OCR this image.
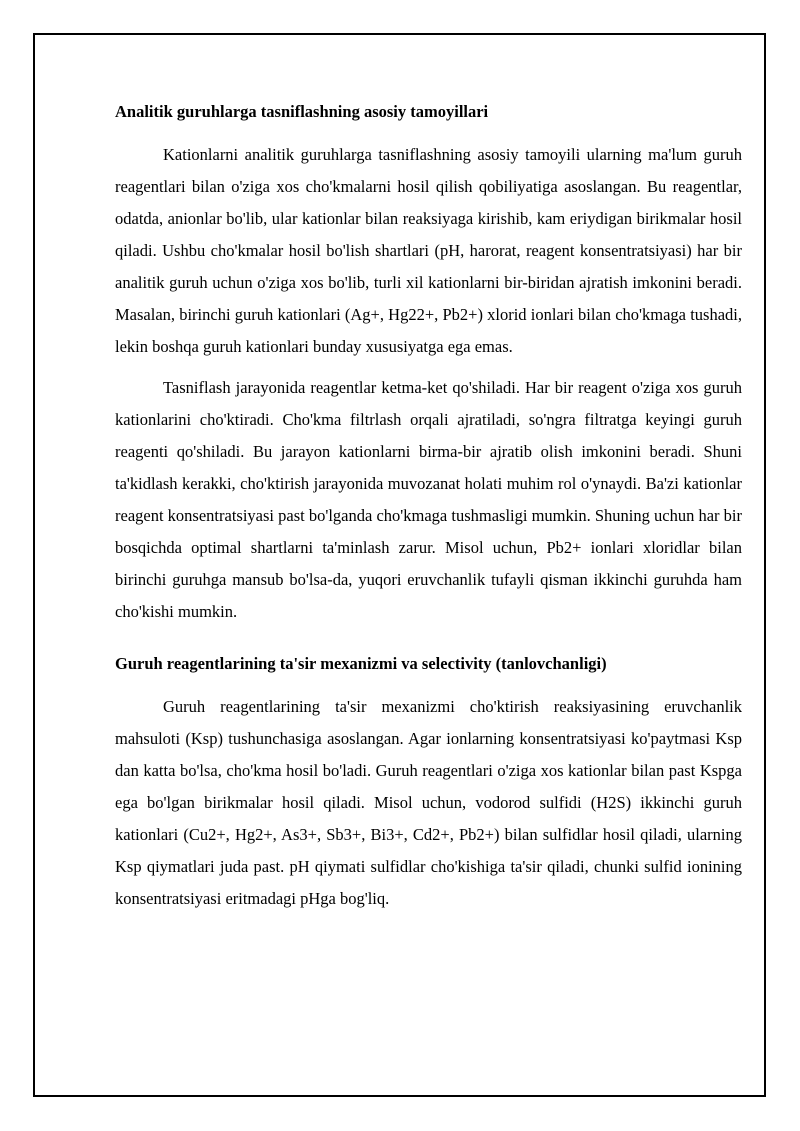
Analitik guruhlarga tasniflashning asosiy tamoyillari

Kationlarni analitik guruhlarga tasniflashning asosiy tamoyili ularning ma'lum guruh reagentlari bilan o'ziga xos cho'kmalarni hosil qilish qobiliyatiga asoslangan. Bu reagentlar, odatda, anionlar bo'lib, ular kationlar bilan reaksiyaga kirishib, kam eriydigan birikmalar hosil qiladi. Ushbu cho'kmalar hosil bo'lish shartlari (pH, harorat, reagent konsentratsiyasi) har bir analitik guruh uchun o'ziga xos bo'lib, turli xil kationlarni bir-biridan ajratish imkonini beradi. Masalan, birinchi guruh kationlari (Ag+, Hg22+, Pb2+) xlorid ionlari bilan cho'kmaga tushadi, lekin boshqa guruh kationlari bunday xususiyatga ega emas.

Tasniflash jarayonida reagentlar ketma-ket qo'shiladi. Har bir reagent o'ziga xos guruh kationlarini cho'ktiradi. Cho'kma filtrlash orqali ajratiladi, so'ngra filtratga keyingi guruh reagenti qo'shiladi. Bu jarayon kationlarni birma-bir ajratib olish imkonini beradi. Shuni ta'kidlash kerakki, cho'ktirish jarayonida muvozanat holati muhim rol o'ynaydi. Ba'zi kationlar reagent konsentratsiyasi past bo'lganda cho'kmaga tushmasligi mumkin. Shuning uchun har bir bosqichda optimal shartlarni ta'minlash zarur. Misol uchun, Pb2+ ionlari xloridlar bilan birinchi guruhga mansub bo'lsa-da, yuqori eruvchanlik tufayli qisman ikkinchi guruhda ham cho'kishi mumkin.

Guruh reagentlarining ta'sir mexanizmi va selectivity (tanlovchanligi)

Guruh reagentlarining ta'sir mexanizmi cho'ktirish reaksiyasining eruvchanlik mahsuloti (Ksp) tushunchasiga asoslangan. Agar ionlarning konsentratsiyasi ko'paytmasi Ksp dan katta bo'lsa, cho'kma hosil bo'ladi. Guruh reagentlari o'ziga xos kationlar bilan past Kspga ega bo'lgan birikmalar hosil qiladi. Misol uchun, vodorod sulfidi (H2S) ikkinchi guruh kationlari (Cu2+, Hg2+, As3+, Sb3+, Bi3+, Cd2+, Pb2+) bilan sulfidlar hosil qiladi, ularning Ksp qiymatlari juda past. pH qiymati sulfidlar cho'kishiga ta'sir qiladi, chunki sulfid ionining konsentratsiyasi eritmadagi pHga bog'liq.
